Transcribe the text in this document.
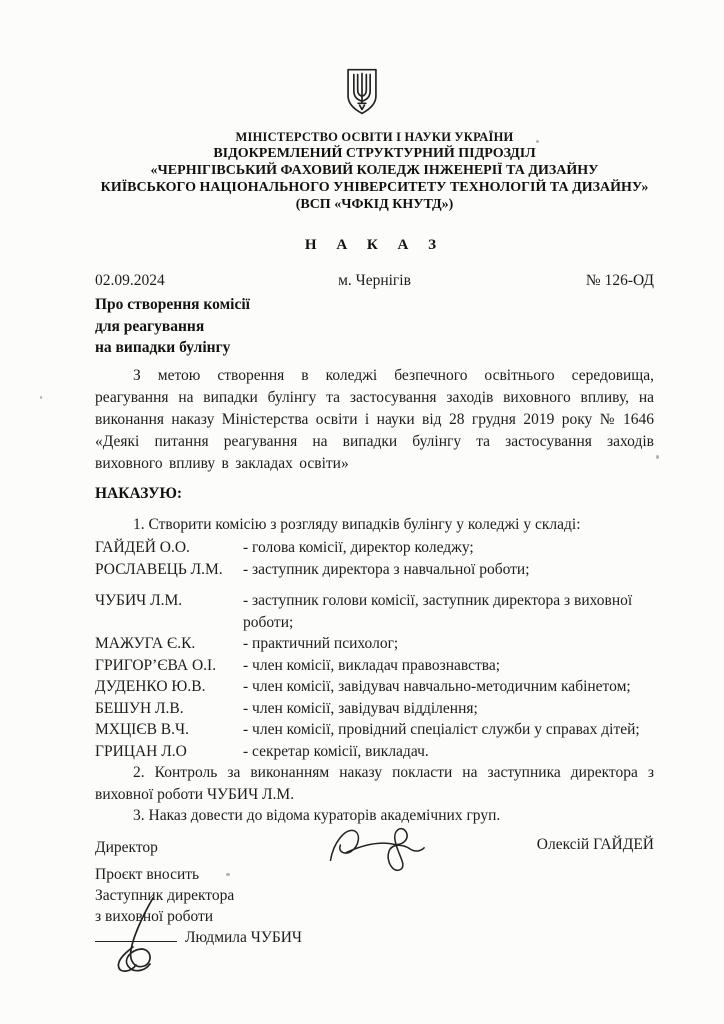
МІНІСТЕРСТВО ОСВІТИ І НАУКИ УКРАЇНИ
ВІДОКРЕМЛЕНИЙ СТРУКТУРНИЙ ПІДРОЗДІЛ
«ЧЕРНІГІВСЬКИЙ ФАХОВИЙ КОЛЕДЖ ІНЖЕНЕРІЇ ТА ДИЗАЙНУ
КИЇВСЬКОГО НАЦІОНАЛЬНОГО УНІВЕРСИТЕТУ ТЕХНОЛОГІЙ ТА ДИЗАЙНУ»
(ВСП «ЧФКІД КНУТД»)
Н А К А З
02.09.2024	м. Чернігів	№ 126-ОД
Про створення комісії
для реагування
на випадки булінгу

З метою створення в коледжі безпечного освітнього середовища, реагування на випадки булінгу та застосування заходів виховного впливу, на виконання наказу Міністерства освіти і науки від 28 грудня 2019 року № 1646 «Деякі питання реагування на випадки булінгу та застосування заходів виховного впливу в закладах освіти»

НАКАЗУЮ:

1. Створити комісію з розгляду випадків булінгу у коледжі у складі:

ГАЙДЕЙ О.О.	- голова комісії, директор коледжу;
РОСЛАВЕЦЬ Л.М.	- заступник директора з навчальної роботи;
ЧУБИЧ Л.М.	- заступник голови комісії, заступник директора з виховної роботи;
МАЖУГА Є.К.	- практичний психолог;
ГРИГОР’ЄВА О.І.	- член комісії, викладач правознавства;
ДУДЕНКО Ю.В.	- член комісії, завідувач навчально-методичним кабінетом;
БЕШУН Л.В.	- член комісії, завідувач відділення;
МХЦІЄВ В.Ч.	- член комісії, провідний спеціаліст служби у справах дітей;
ГРИЦАН Л.О	- секретар комісії, викладач.

2. Контроль за виконанням наказу покласти на заступника директора з виховної роботи ЧУБИЧ Л.М.

3. Наказ довести до відома кураторів академічних груп.

Директор	Олексій ГАЙДЕЙ
Проєкт вносить
Заступник директора
з виховної роботи
Людмила ЧУБИЧ
